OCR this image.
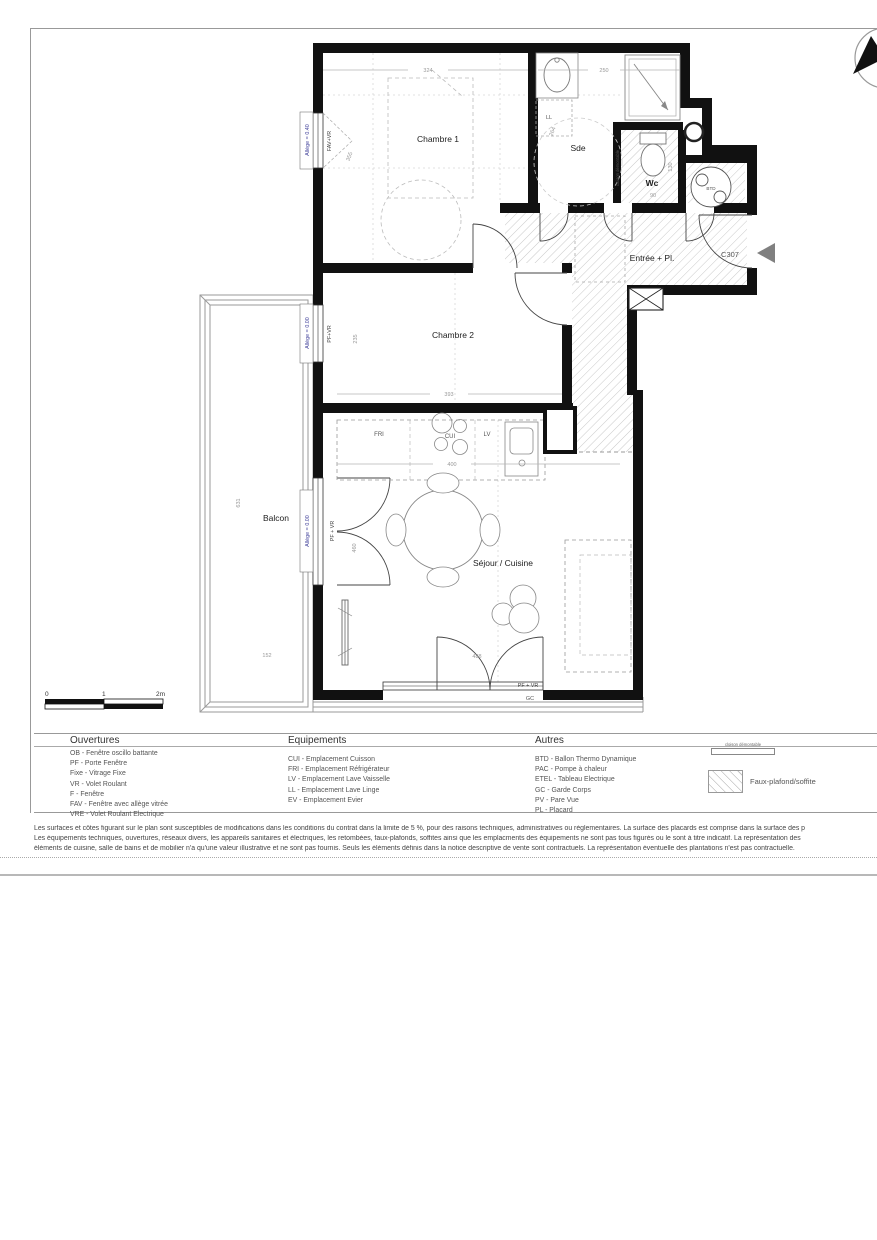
Chambre 1
Sde
Wc
Entrée + Pl.	C307
Chambre 2
Balcon
Séjour / Cuisine
LL
FRI	CUI	LV
BTD
GC
cloison démontable
Allège = 0.40	FAV+VR
Allège = 0.00	PF+VR
Allège = 0.00	PF + VR
PF + VR
324	250
355
264
130
90
393
235
400
460
631
152	488
0	1	2m
Ouvertures
OB - Fenêtre oscillo battante
PF - Porte Fenêtre
Fixe - Vitrage Fixe
VR - Volet Roulant
F - Fenêtre
FAV - Fenêtre avec allège vitrée
VRE - Volet Roulant Electrique
Equipements
CUI - Emplacement Cuisson
FRI - Emplacement Réfrigérateur
LV - Emplacement Lave Vaisselle
LL - Emplacement Lave Linge
EV - Emplacement Evier
Autres
BTD - Ballon Thermo Dynamique
PAC - Pompe à chaleur
ETEL - Tableau Electrique
GC - Garde Corps
PV - Pare Vue
PL - Placard
cloison démontable
Faux-plafond/soffite
Les surfaces et côtes figurant sur le plan sont susceptibles de modifications dans les conditions du contrat dans la limite de 5 %, pour des raisons techniques, administratives ou réglementaires. La surface des placards est comprise dans la surface des p
Les équipements techniques, ouvertures, réseaux divers, les appareils sanitaires et électriques, les retombées, faux-plafonds, soffites ainsi que les emplacments des équipements ne sont pas tous figurés ou le sont à titre indicatif. La représentation des
éléments de cuisine, salle de bains et de mobilier n'a qu'une valeur illustrative et ne sont pas fournis. Seuls les éléments définis dans la notice descriptive de vente sont contractuels. La représentation éventuelle des plantations n'est pas contractuelle.
